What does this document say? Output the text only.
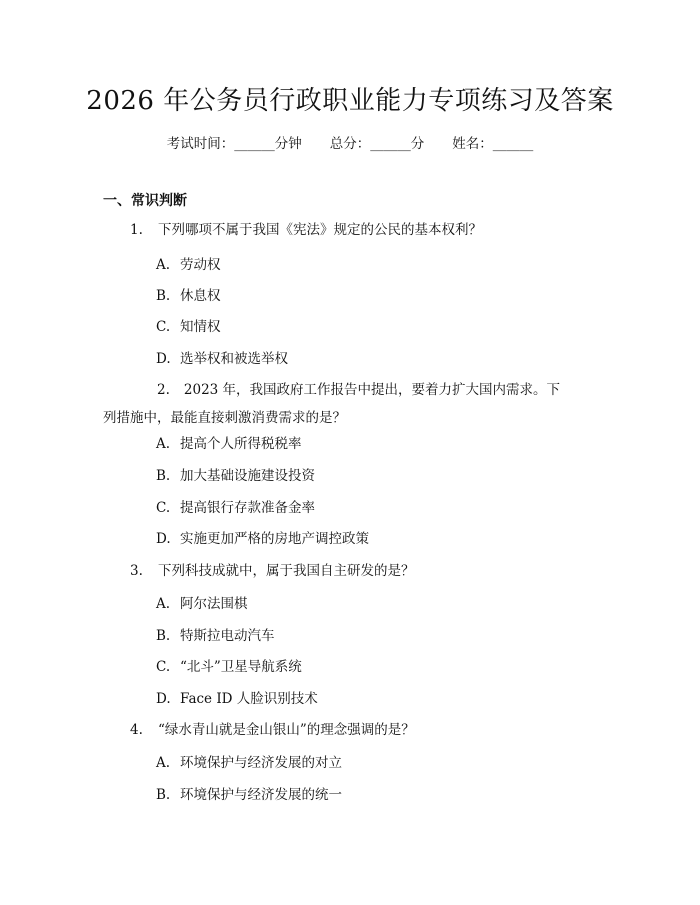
2026 年公务员行政职业能力专项练习及答案
考试时间：______分钟 总分：______分 姓名：______
一、常识判断
1. 下列哪项不属于我国《宪法》规定的公民的基本权利？
A. 劳动权
B. 休息权
C. 知情权
D. 选举权和被选举权
2. 2023 年，我国政府工作报告中提出，要着力扩大国内需求。下列措施中，最能直接刺激消费需求的是？
A. 提高个人所得税税率
B. 加大基础设施建设投资
C. 提高银行存款准备金率
D. 实施更加严格的房地产调控政策
3. 下列科技成就中，属于我国自主研发的是？
A. 阿尔法围棋
B. 特斯拉电动汽车
C. “北斗”卫星导航系统
D. Face ID 人脸识别技术
4. “绿水青山就是金山银山”的理念强调的是？
A. 环境保护与经济发展的对立
B. 环境保护与经济发展的统一
